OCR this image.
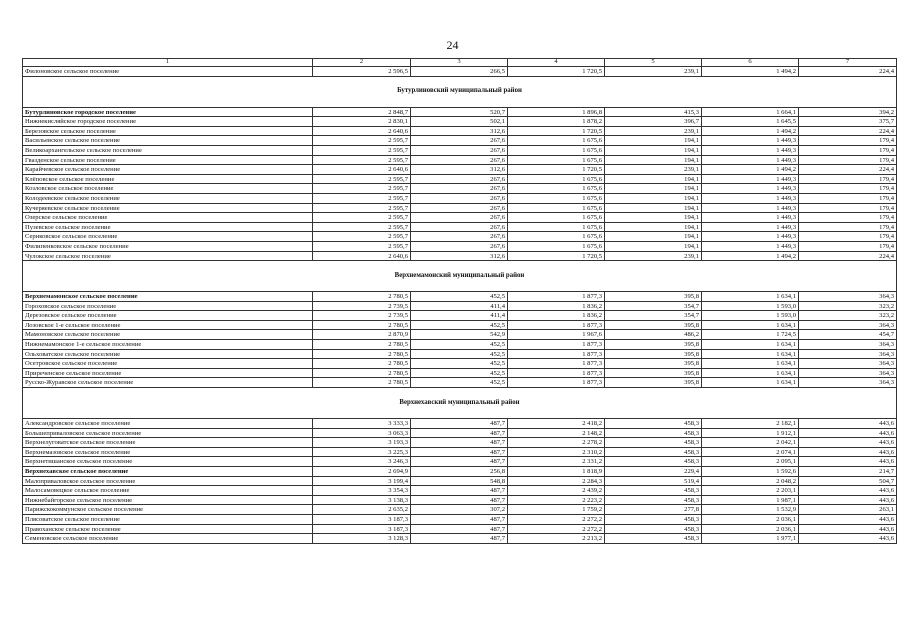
24
1	2	3	4	5	6	7
Филоновское сельское поселение	2 596,5	266,5	1 720,5	239,1	1 494,2	224,4
Бутурлиновский муниципальный район						
Бутурлиновское городское поселение	2 848,7	520,7	1 896,8	415,3	1 664,1	394,2
Нижнекисляйское городское поселение	2 830,1	502,1	1 878,2	396,7	1 645,5	375,7
Березовское сельское поселение	2 640,6	312,6	1 720,5	239,1	1 494,2	224,4
Васильевское сельское поселение	2 595,7	267,6	1 675,6	194,1	1 449,3	179,4
Великоархангельское сельское поселение	2 595,7	267,6	1 675,6	194,1	1 449,3	179,4
Гвазденское сельское поселение	2 595,7	267,6	1 675,6	194,1	1 449,3	179,4
Карайчевское сельское поселение	2 640,6	312,6	1 720,5	239,1	1 494,2	224,4
Клёповское сельское поселение	2 595,7	267,6	1 675,6	194,1	1 449,3	179,4
Козловское сельское поселение	2 595,7	267,6	1 675,6	194,1	1 449,3	179,4
Колодеевское сельское поселение	2 595,7	267,6	1 675,6	194,1	1 449,3	179,4
Кучеряевское сельское поселение	2 595,7	267,6	1 675,6	194,1	1 449,3	179,4
Озерское сельское поселение	2 595,7	267,6	1 675,6	194,1	1 449,3	179,4
Пузевское сельское поселение	2 595,7	267,6	1 675,6	194,1	1 449,3	179,4
Сериковское сельское поселение	2 595,7	267,6	1 675,6	194,1	1 449,3	179,4
Филипенковское сельское поселение	2 595,7	267,6	1 675,6	194,1	1 449,3	179,4
Чулокское сельское поселение	2 640,6	312,6	1 720,5	239,1	1 494,2	224,4
Верхнемамонский муниципальный район						
Верхнемамонское сельское поселение	2 780,5	452,5	1 877,3	395,8	1 634,1	364,3
Гороховское сельское поселение	2 739,5	411,4	1 836,2	354,7	1 593,0	323,2
Дерезовское сельское поселение	2 739,5	411,4	1 836,2	354,7	1 593,0	323,2
Лозовское 1-е сельское поселение	2 780,5	452,5	1 877,3	395,8	1 634,1	364,3
Мамоновское сельское поселение	2 870,9	542,9	1 967,6	486,2	1 724,5	454,7
Нижнемамонское 1-е сельское поселение	2 780,5	452,5	1 877,3	395,8	1 634,1	364,3
Ольховатское сельское поселение	2 780,5	452,5	1 877,3	395,8	1 634,1	364,3
Осетровское сельское поселение	2 780,5	452,5	1 877,3	395,8	1 634,1	364,3
Приреченское сельское поселение	2 780,5	452,5	1 877,3	395,8	1 634,1	364,3
Русско-Журавское сельское поселение	2 780,5	452,5	1 877,3	395,8	1 634,1	364,3
Верхнехавский муниципальный район						
Александровское сельское поселение	3 333,3	487,7	2 418,2	458,3	2 182,1	443,6
Большеприваловское сельское поселение	3 063,3	487,7	2 148,2	458,3	1 912,1	443,6
Верхнелуговатское сельское поселение	3 193,3	487,7	2 278,2	458,3	2 042,1	443,6
Верхнемазовское сельское поселение	3 225,3	487,7	2 310,2	458,3	2 074,1	443,6
Верхнетишанское сельское поселение	3 246,3	487,7	2 331,2	458,3	2 095,1	443,6
Верхнехавское сельское поселение	2 694,9	256,8	1 818,9	229,4	1 592,6	214,7
Малоприваловское сельское поселение	3 199,4	548,8	2 284,3	519,4	2 048,2	504,7
Малосамовецкое сельское поселение	3 354,3	487,7	2 439,2	458,3	2 203,1	443,6
Нижнебайгорское сельское поселение	3 138,3	487,7	2 223,2	458,3	1 987,1	443,6
Парижскокоммунское сельское поселение	2 635,2	307,2	1 759,2	277,8	1 532,9	263,1
Плясоватское сельское поселение	3 187,3	487,7	2 272,2	458,3	2 036,1	443,6
Правоханское сельское поселение	3 187,3	487,7	2 272,2	458,3	2 036,1	443,6
Семеновское сельское поселение	3 128,3	487,7	2 213,2	458,3	1 977,1	443,6
